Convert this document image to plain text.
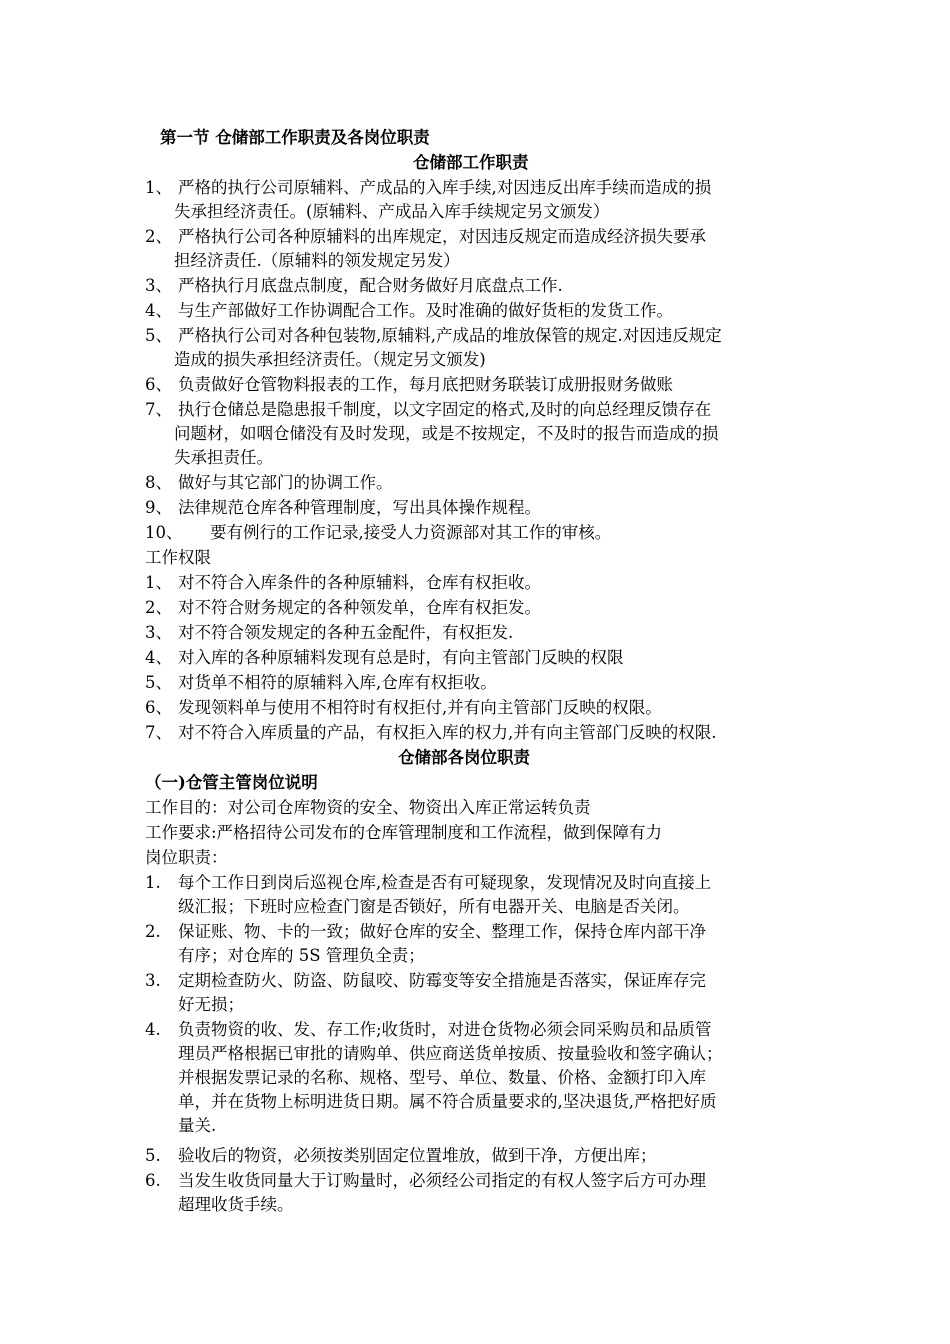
第一节 仓储部工作职责及各岗位职责
仓储部工作职责
1、 严格的执行公司原辅料、产成品的入库手续,对因违反出库手续而造成的损
失承担经济责任。(原辅料、产成品入库手续规定另文颁发）
2、 严格执行公司各种原辅料的出库规定，对因违反规定而造成经济损失要承
担经济责任.（原辅料的领发规定另发）
3、 严格执行月底盘点制度，配合财务做好月底盘点工作.
4、 与生产部做好工作协调配合工作。及时准确的做好货柜的发货工作。
5、 严格执行公司对各种包装物,原辅料,产成品的堆放保管的规定.对因违反规定
造成的损失承担经济责任。（规定另文颁发)
6、 负责做好仓管物料报表的工作，每月底把财务联装订成册报财务做账
7、 执行仓储总是隐患报千制度，以文字固定的格式,及时的向总经理反馈存在
问题材，如咽仓储没有及时发现，或是不按规定，不及时的报告而造成的损
失承担责任。
8、 做好与其它部门的协调工作。
9、 法律规范仓库各种管理制度，写出具体操作规程。
10、 要有例行的工作记录,接受人力资源部对其工作的审核。
工作权限
1、 对不符合入库条件的各种原辅料，仓库有权拒收。
2、 对不符合财务规定的各种领发单，仓库有权拒发。
3、 对不符合领发规定的各种五金配件，有权拒发.
4、 对入库的各种原辅料发现有总是时，有向主管部门反映的权限
5、 对货单不相符的原辅料入库,仓库有权拒收。
6、 发现领料单与使用不相符时有权拒付,并有向主管部门反映的权限。
7、 对不符合入库质量的产品，有权拒入库的权力,并有向主管部门反映的权限.
仓储部各岗位职责
（一)仓管主管岗位说明
工作目的：对公司仓库物资的安全、物资出入库正常运转负责
工作要求:严格招待公司发布的仓库管理制度和工作流程，做到保障有力
岗位职责：
1. 每个工作日到岗后巡视仓库,检查是否有可疑现象，发现情况及时向直接上
级汇报；下班时应检查门窗是否锁好，所有电器开关、电脑是否关闭。
2. 保证账、物、卡的一致；做好仓库的安全、整理工作，保持仓库内部干净
有序；对仓库的 5S 管理负全责；
3. 定期检查防火、防盗、防鼠咬、防霉变等安全措施是否落实，保证库存完
好无损；
4. 负责物资的收、发、存工作;收货时，对进仓货物必须会同采购员和品质管
理员严格根据已审批的请购单、供应商送货单按质、按量验收和签字确认；
并根据发票记录的名称、规格、型号、单位、数量、价格、金额打印入库
单，并在货物上标明进货日期。属不符合质量要求的,坚决退货,严格把好质
量关.
5. 验收后的物资，必须按类别固定位置堆放，做到干净，方便出库；
6. 当发生收货同量大于订购量时，必须经公司指定的有权人签字后方可办理
超理收货手续。
